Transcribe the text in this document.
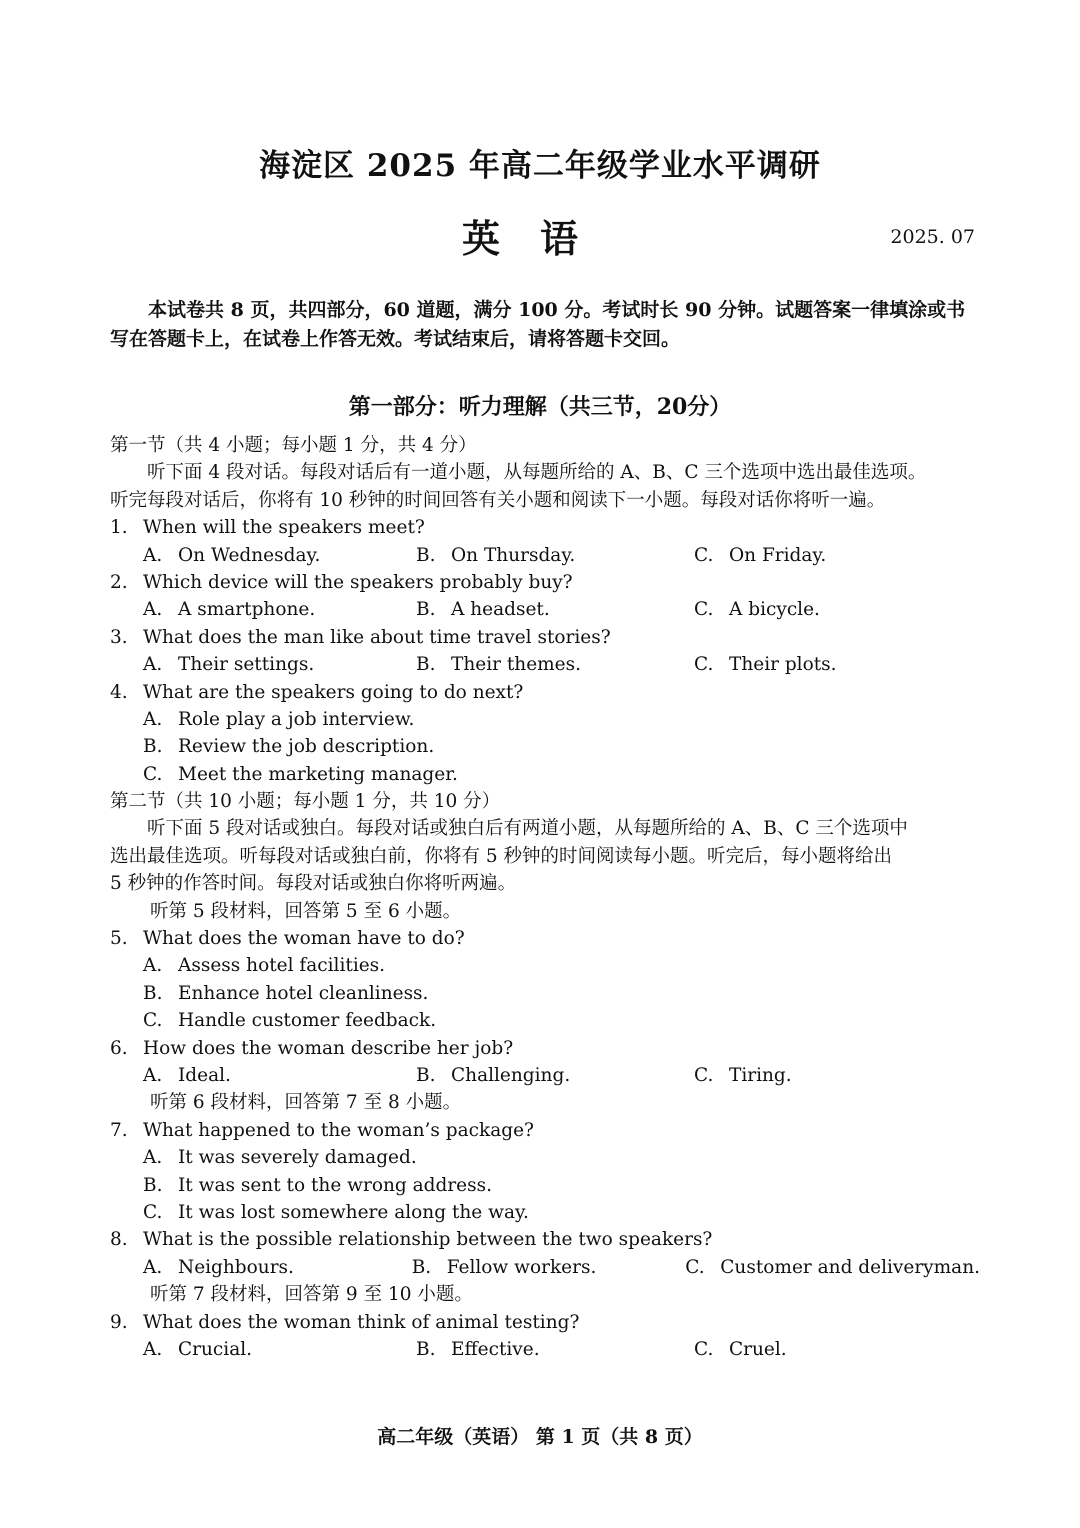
海淀区 2025 年高二年级学业水平调研
英语	2025. 07
本试卷共 8 页，共四部分，60 道题，满分 100 分。考试时长 90 分钟。试题答案一律填涂或书写在答题卡上，在试卷上作答无效。考试结束后，请将答题卡交回。
第一部分：听力理解（共三节，20分）
第一节（共 4 小题；每小题 1 分，共 4 分）
听下面 4 段对话。每段对话后有一道小题，从每题所给的 A、B、C 三个选项中选出最佳选项。
听完每段对话后，你将有 10 秒钟的时间回答有关小题和阅读下一小题。每段对话你将听一遍。
1. When will the speakers meet?
A. On Wednesday.	B. On Thursday.	C. On Friday.
2. Which device will the speakers probably buy?
A. A smartphone.	B. A headset.	C. A bicycle.
3. What does the man like about time travel stories?
A. Their settings.	B. Their themes.	C. Their plots.
4. What are the speakers going to do next?
A. Role play a job interview.
B. Review the job description.
C. Meet the marketing manager.
第二节（共 10 小题；每小题 1 分，共 10 分）
听下面 5 段对话或独白。每段对话或独白后有两道小题，从每题所给的 A、B、C 三个选项中
选出最佳选项。听每段对话或独白前，你将有 5 秒钟的时间阅读每小题。听完后，每小题将给出
5 秒钟的作答时间。每段对话或独白你将听两遍。
听第 5 段材料，回答第 5 至 6 小题。
5. What does the woman have to do?
A. Assess hotel facilities.
B. Enhance hotel cleanliness.
C. Handle customer feedback.
6. How does the woman describe her job?
A. Ideal.	B. Challenging.	C. Tiring.
听第 6 段材料，回答第 7 至 8 小题。
7. What happened to the woman’s package?
A. It was severely damaged.
B. It was sent to the wrong address.
C. It was lost somewhere along the way.
8. What is the possible relationship between the two speakers?
A. Neighbours.	B. Fellow workers.	C. Customer and deliveryman.
听第 7 段材料，回答第 9 至 10 小题。
9. What does the woman think of animal testing?
A. Crucial.	B. Effective.	C. Cruel.
高二年级（英语） 第 1 页（共 8 页）
